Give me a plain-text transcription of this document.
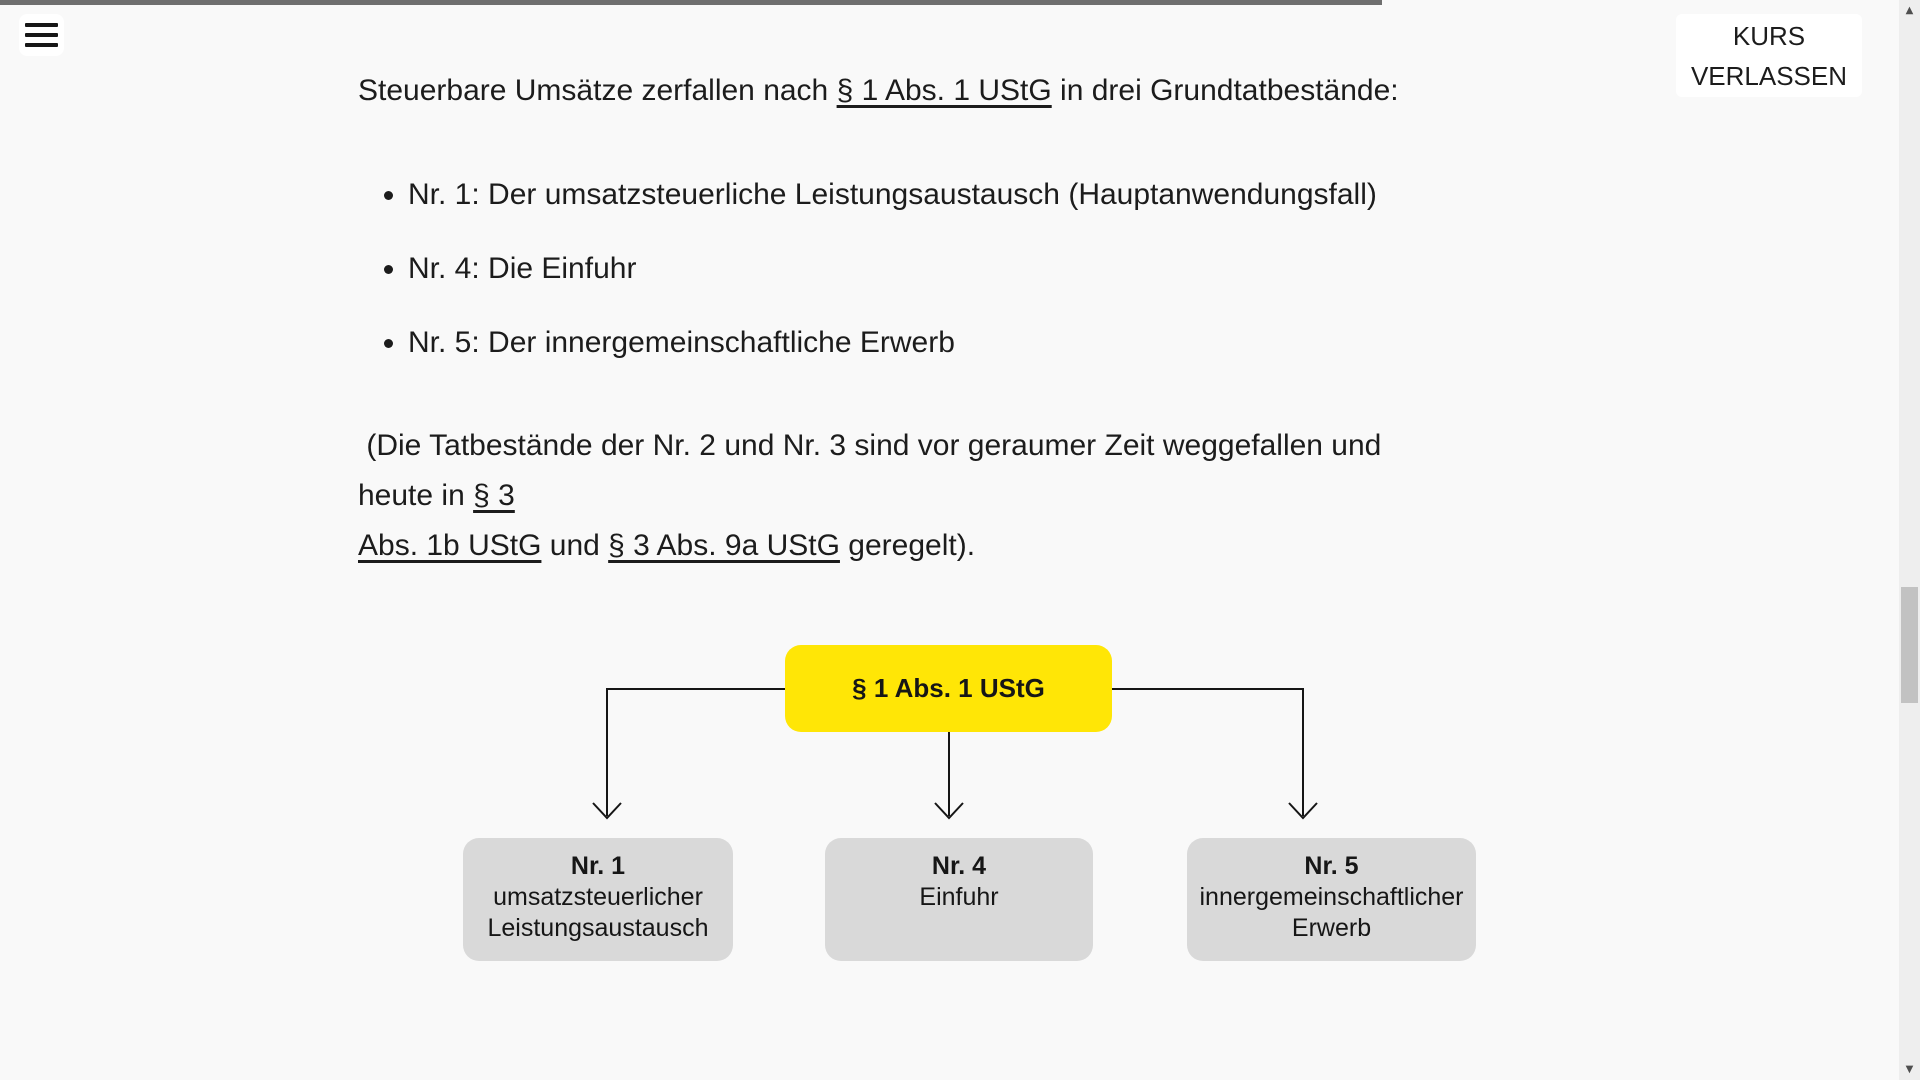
KURS
VERLASSEN

Steuerbare Umsätze zerfallen nach § 1 Abs. 1 UStG in drei Grundtatbestände:

• Nr. 1: Der umsatzsteuerliche Leistungsaustausch (Hauptanwendungsfall)
• Nr. 4: Die Einfuhr
• Nr. 5: Der innergemeinschaftliche Erwerb

(Die Tatbestände der Nr. 2 und Nr. 3 sind vor geraumer Zeit weggefallen und heute in § 3
Abs. 1b UStG und § 3 Abs. 9a UStG geregelt).

§ 1 Abs. 1 UStG
Nr. 1
umsatzsteuerlicher
Leistungsaustausch
Nr. 4
Einfuhr
Nr. 5
innergemeinschaftlicher
Erwerb
▲
▼
